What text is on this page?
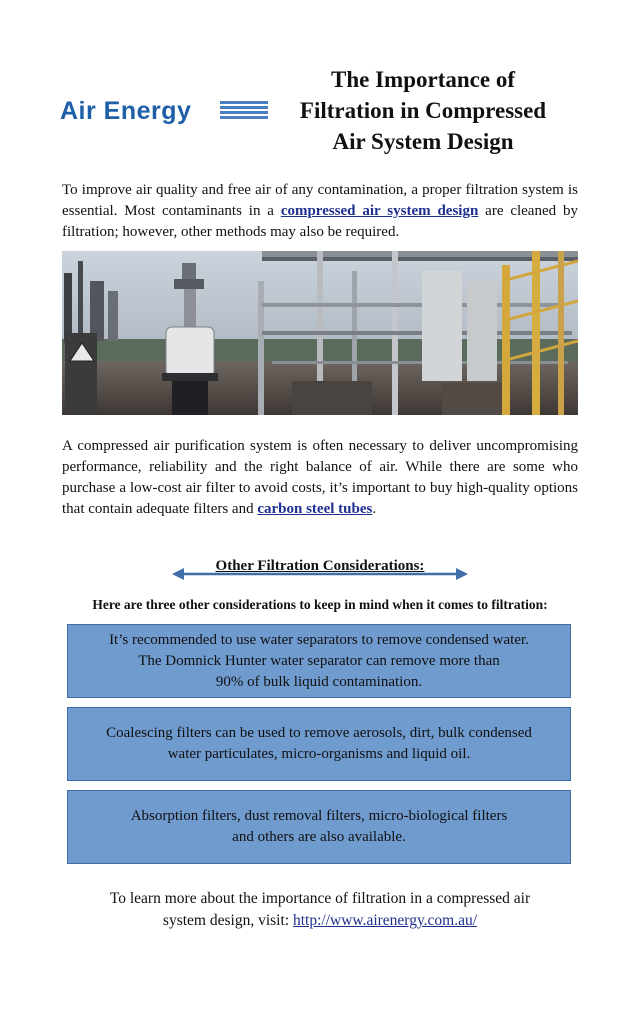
Air Energy
The Importance of
Filtration in Compressed
Air System Design

To improve air quality and free air of any contamination, a proper filtration system is essential. Most contaminants in a compressed air system design are cleaned by filtration; however, other methods may also be required.

A compressed air purification system is often necessary to deliver uncompromising performance, reliability and the right balance of air. While there are some who purchase a low-cost air filter to avoid costs, it’s important to buy high-quality options that contain adequate filters and carbon steel tubes.

Other Filtration Considerations:
Here are three other considerations to keep in mind when it comes to filtration:
It’s recommended to use water separators to remove condensed water.
The Domnick Hunter water separator can remove more than
90% of bulk liquid contamination.
Coalescing filters can be used to remove aerosols, dirt, bulk condensed
water particulates, micro-organisms and liquid oil.
Absorption filters, dust removal filters, micro-biological filters
and others are also available.
To learn more about the importance of filtration in a compressed air
system design, visit: http://www.airenergy.com.au/
